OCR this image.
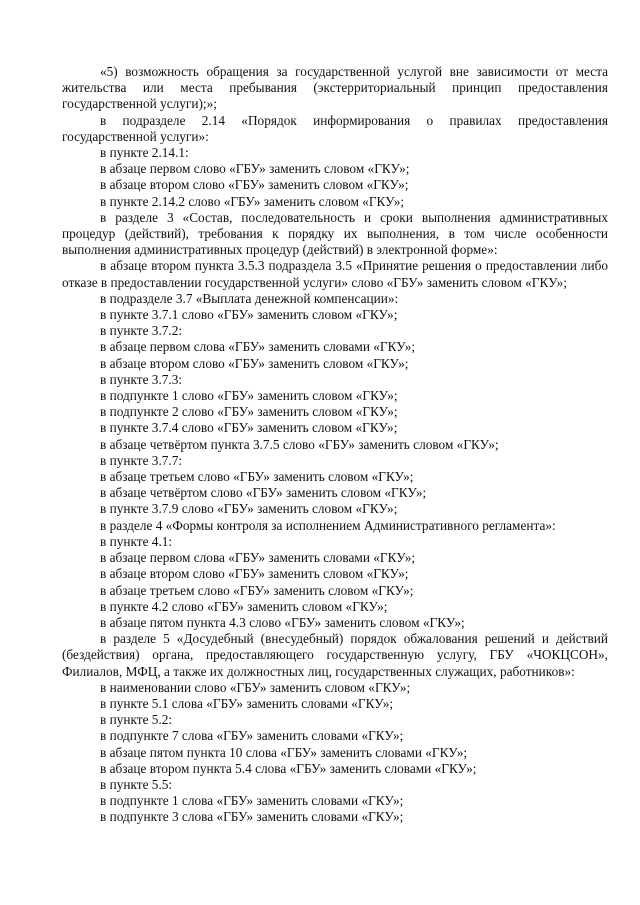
«5) возможность обращения за государственной услугой вне зависимости от места жительства или места пребывания (экстерриториальный принцип предоставления государственной услуги);»;

в подразделе 2.14 «Порядок информирования о правилах предоставления государственной услуги»:

в пункте 2.14.1:

в абзаце первом слово «ГБУ» заменить словом «ГКУ»;

в абзаце втором слово «ГБУ» заменить словом «ГКУ»;

в пункте 2.14.2 слово «ГБУ» заменить словом «ГКУ»;

в разделе 3 «Состав, последовательность и сроки выполнения административных процедур (действий), требования к порядку их выполнения, в том числе особенности выполнения административных процедур (действий) в электронной форме»:

в абзаце втором пункта 3.5.3 подраздела 3.5 «Принятие решения о предоставлении либо отказе в предоставлении государственной услуги» слово «ГБУ» заменить словом «ГКУ»;

в подразделе 3.7 «Выплата денежной компенсации»:

в пункте 3.7.1 слово «ГБУ» заменить словом «ГКУ»;

в пункте 3.7.2:

в абзаце первом слова «ГБУ» заменить словами «ГКУ»;

в абзаце втором слово «ГБУ» заменить словом «ГКУ»;

в пункте 3.7.3:

в подпункте 1 слово «ГБУ» заменить словом «ГКУ»;

в подпункте 2 слово «ГБУ» заменить словом «ГКУ»;

в пункте 3.7.4 слово «ГБУ» заменить словом «ГКУ»;

в абзаце четвёртом пункта 3.7.5 слово «ГБУ» заменить словом «ГКУ»;

в пункте 3.7.7:

в абзаце третьем слово «ГБУ» заменить словом «ГКУ»;

в абзаце четвёртом слово «ГБУ» заменить словом «ГКУ»;

в пункте 3.7.9 слово «ГБУ» заменить словом «ГКУ»;

в разделе 4 «Формы контроля за исполнением Административного регламента»:

в пункте 4.1:

в абзаце первом слова «ГБУ» заменить словами «ГКУ»;

в абзаце втором слово «ГБУ» заменить словом «ГКУ»;

в абзаце третьем слово «ГБУ» заменить словом «ГКУ»;

в пункте 4.2 слово «ГБУ» заменить словом «ГКУ»;

в абзаце пятом пункта 4.3 слово «ГБУ» заменить словом «ГКУ»;

в разделе 5 «Досудебный (внесудебный) порядок обжалования решений и действий (бездействия) органа, предоставляющего государственную услугу, ГБУ «ЧОКЦСОН», Филиалов, МФЦ, а также их должностных лиц, государственных служащих, работников»:

в наименовании слово «ГБУ» заменить словом «ГКУ»;

в пункте 5.1 слова «ГБУ» заменить словами «ГКУ»;

в пункте 5.2:

в подпункте 7 слова «ГБУ» заменить словами «ГКУ»;

в абзаце пятом пункта 10 слова «ГБУ» заменить словами «ГКУ»;

в абзаце втором пункта 5.4 слова «ГБУ» заменить словами «ГКУ»;

в пункте 5.5:

в подпункте 1 слова «ГБУ» заменить словами «ГКУ»;

в подпункте 3 слова «ГБУ» заменить словами «ГКУ»;
